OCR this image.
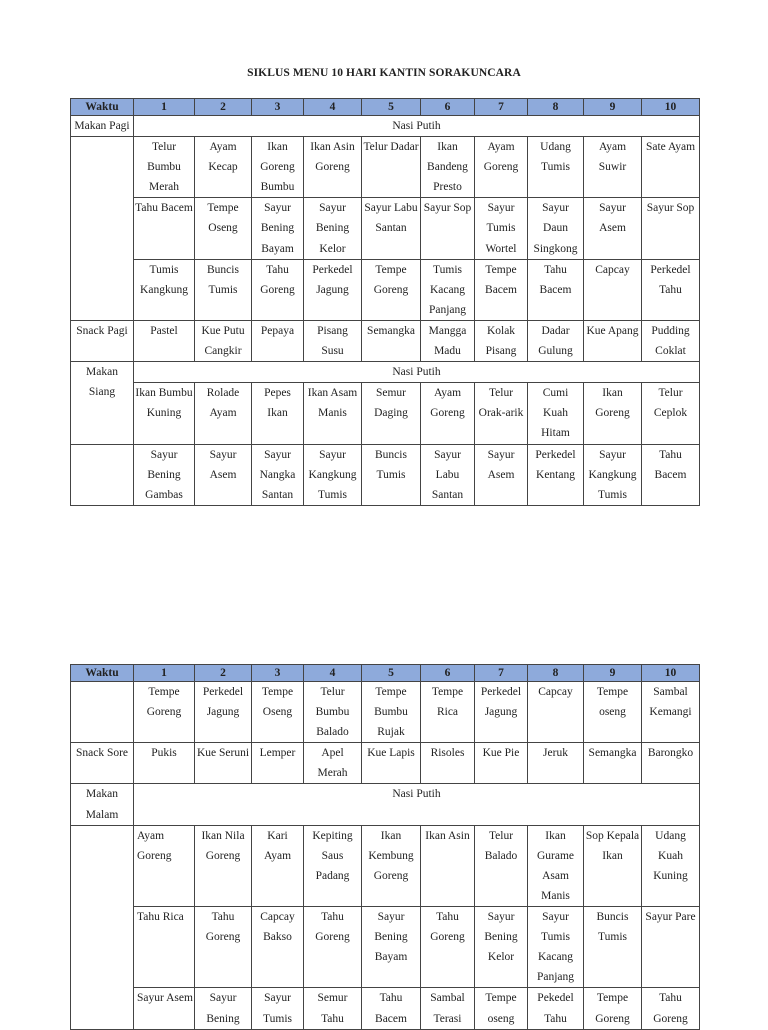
SIKLUS MENU 10 HARI KANTIN SORAKUNCARA
Waktu	1	2	3	4	5	6	7	8	9	10
Makan Pagi	Nasi Putih									
	Telur Bumbu Merah	Ayam Kecap	Ikan Goreng Bumbu	Ikan Asin Goreng	Telur Dadar	Ikan Bandeng Presto	Ayam Goreng	Udang Tumis	Ayam Suwir	Sate Ayam
	Tahu Bacem	Tempe Oseng	Sayur Bening Bayam	Sayur Bening Kelor	Sayur Labu Santan	Sayur Sop	Sayur Tumis Wortel	Sayur Daun Singkong	Sayur Asem	Sayur Sop
	Tumis Kangkung	Buncis Tumis	Tahu Goreng	Perkedel Jagung	Tempe Goreng	Tumis Kacang Panjang	Tempe Bacem	Tahu Bacem	Capcay	Perkedel Tahu
Snack Pagi	Pastel	Kue Putu Cangkir	Pepaya	Pisang Susu	Semangka	Mangga Madu	Kolak Pisang	Dadar Gulung	Kue Apang	Pudding Coklat
Makan Siang	Nasi Putih									
	Ikan Bumbu Kuning	Rolade Ayam	Pepes Ikan	Ikan Asam Manis	Semur Daging	Ayam Goreng	Telur Orak-arik	Cumi Kuah Hitam	Ikan Goreng	Telur Ceplok
	Sayur Bening Gambas	Sayur Asem	Sayur Nangka Santan	Sayur Kangkung Tumis	Buncis Tumis	Sayur Labu Santan	Sayur Asem	Perkedel Kentang	Sayur Kangkung Tumis	Tahu Bacem
Waktu	1	2	3	4	5	6	7	8	9	10
	Tempe Goreng	Perkedel Jagung	Tempe Oseng	Telur Bumbu Balado	Tempe Bumbu Rujak	Tempe Rica	Perkedel Jagung	Capcay	Tempe oseng	Sambal Kemangi
Snack Sore	Pukis	Kue Seruni	Lemper	Apel Merah	Kue Lapis	Risoles	Kue Pie	Jeruk	Semangka	Barongko
Makan Malam	Nasi Putih									
	Ayam Goreng	Ikan Nila Goreng	Kari Ayam	Kepiting Saus Padang	Ikan Kembung Goreng	Ikan Asin	Telur Balado	Ikan Gurame Asam Manis	Sop Kepala Ikan	Udang Kuah Kuning
	Tahu Rica	Tahu Goreng	Capcay Bakso	Tahu Goreng	Sayur Bening Bayam	Tahu Goreng	Sayur Bening Kelor	Sayur Tumis Kacang Panjang	Buncis Tumis	Sayur Pare
	Sayur Asem	Sayur Bening	Sayur Tumis	Semur Tahu	Tahu Bacem	Sambal Terasi	Tempe oseng	Pekedel Tahu	Tempe Goreng	Tahu Goreng
